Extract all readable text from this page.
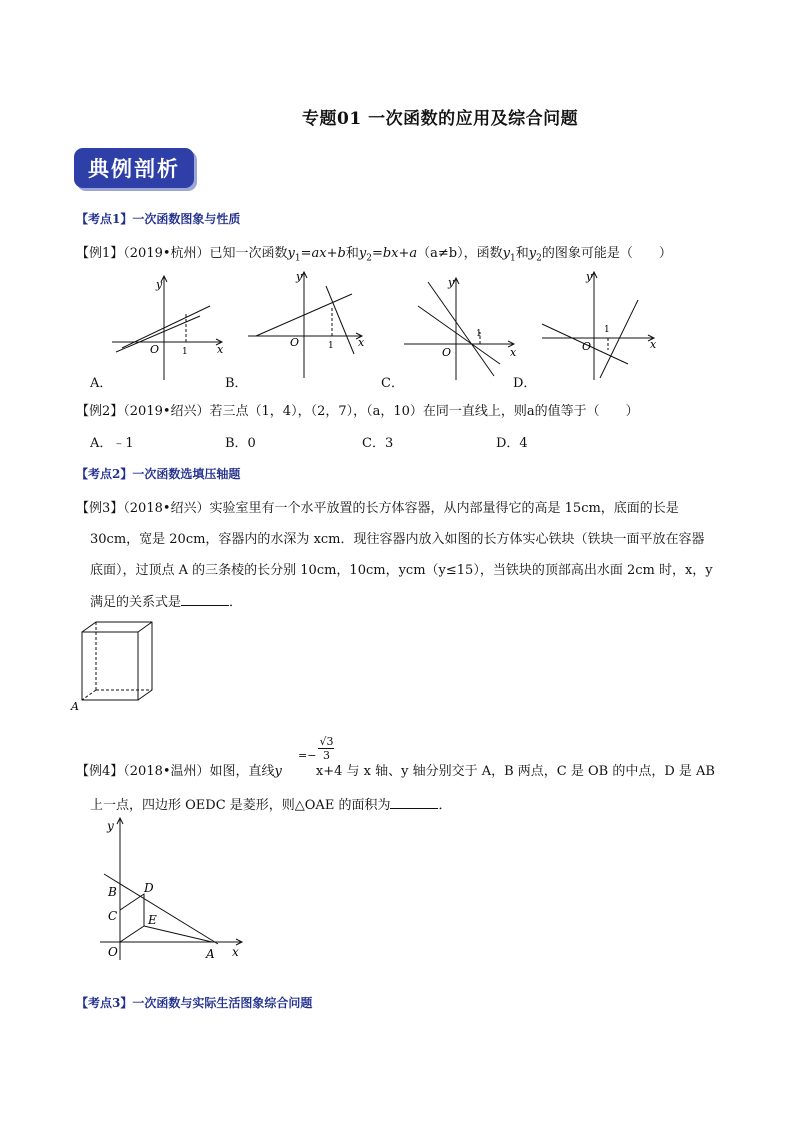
专题01 一次函数的应用及综合问题
典例剖析
【考点1】一次函数图象与性质
【例1】（2019•杭州）已知一次函数$y_1=ax+b$和$y_2=bx+a(a\ne b)$，函数$y_1$和$y_2$的图象可能是（　　）
y
x
O	1
y
x
O	1
y
x
O
1
y
x
O
1
A．	B．	C．	D．
【例2】（2019•绍兴）若三点（1，4），（2，7），（a，10）在同一直线上，则a的值等于（　　）
A．﹣1	B．0	C．3	D．4
【考点2】一次函数选填压轴题
【例3】（2018•绍兴）实验室里有一个水平放置的长方体容器，从内部量得它的高是 15cm，底面的长是
30cm，宽是 20cm，容器内的水深为 xcm．现往容器内放入如图的长方体实心铁块（铁块一面平放在容器
底面），过顶点 A 的三条棱的长分别 10cm，10cm，ycm（y≤15），当铁块的顶部高出水面 2cm 时，x，y
满足的关系式是	．
A
=− $\frac{√3}{3}$
【例4】（2018•温州）如图，直线y	x+4 与 x 轴、y 轴分别交于 A，B 两点，C 是 OB 的中点，D 是 AB
上一点，四边形 OEDC 是菱形，则△OAE 的面积为	．
y
x
B D
C	E
O	A
【考点3】一次函数与实际生活图象综合问题
